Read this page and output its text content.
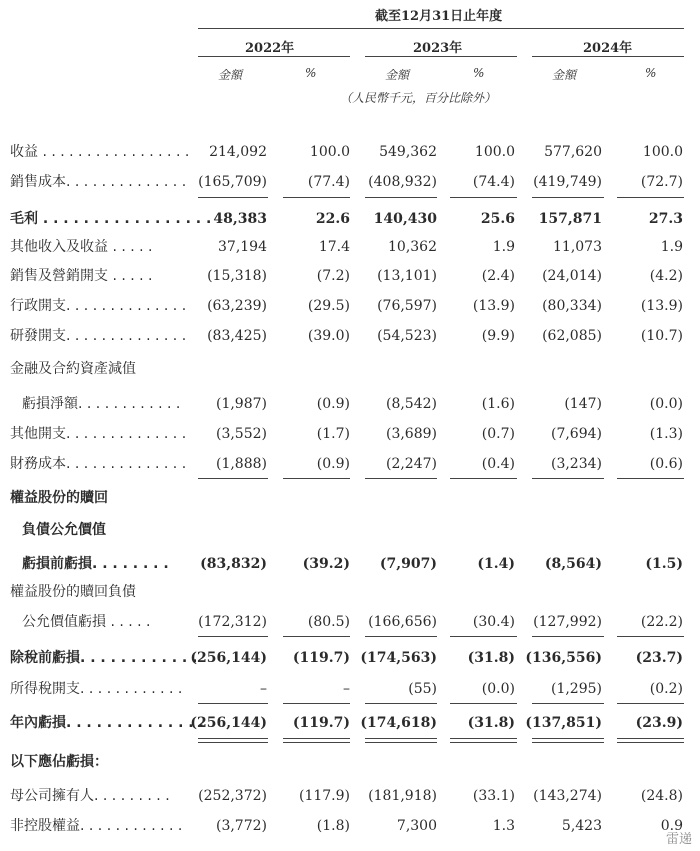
截至12月31日止年度
2022年	2023年	2024年
金額	%	金額	%	金額	%
（人民幣千元，百分比除外）
收益 . . . . . . . . . . . . . . . . . 214,092	100.0 549,362	100.0 577,620	100.0
銷售成本. . . . . . . . . . . . . . (165,709)	(77.4) (408,932)	(74.4) (419,749)	(72.7)
毛利 . . . . . . . . . . . . . . . . . 48,383	22.6 140,430	25.6 157,871	27.3
其他收入及收益 . . . . .	37,194	17.4	10,362	1.9	11,073	1.9
銷售及營銷開支 . . . . .	(15,318)	(7.2) (13,101)	(2.4) (24,014)	(4.2)
行政開支. . . . . . . . . . . . . . (63,239)	(29.5) (76,597)	(13.9) (80,334)	(13.9)
研發開支. . . . . . . . . . . . . . (83,425)	(39.0) (54,523)	(9.9) (62,085)	(10.7)
金融及合約資產減值
虧損淨額. . . . . . . . . . . .	(1,987)	(0.9)	(8,542)	(1.6)	(147)	(0.0)
其他開支. . . . . . . . . . . . . . (3,552)	(1.7)	(3,689)	(0.7)	(7,694)	(1.3)
財務成本. . . . . . . . . . . . . . (1,888)	(0.9)	(2,247)	(0.4)	(3,234)	(0.6)
權益股份的贖回
負債公允價值
虧損前虧損. . . . . . . . (83,832)	(39.2) (7,907)	(1.4) (8,564)	(1.5)
權益股份的贖回負債
公允價值虧損 . . . . .	(172,312)	(80.5) (166,656)	(30.4) (127,992)	(22.2)
除稅前虧損. . . . . . . . . . . .
(256,144) (119.7) (174,563) (31.8) (136,556) (23.7)
所得稅開支. . . . . . . . . . . .	–	–	(55)	(0.0)	(1,295)	(0.2)
年內虧損. . . . . . . . . . . . . .
(256,144) (119.7) (174,618) (31.8) (137,851) (23.9)
以下應佔虧損：
母公司擁有人. . . . . . . . . (252,372) (117.9) (181,918)	(33.1) (143,274)	(24.8)
非控股權益. . . . . . . . . . . . (3,772)	(1.8)	7,300	1.3	5,423	0.9
雷递
